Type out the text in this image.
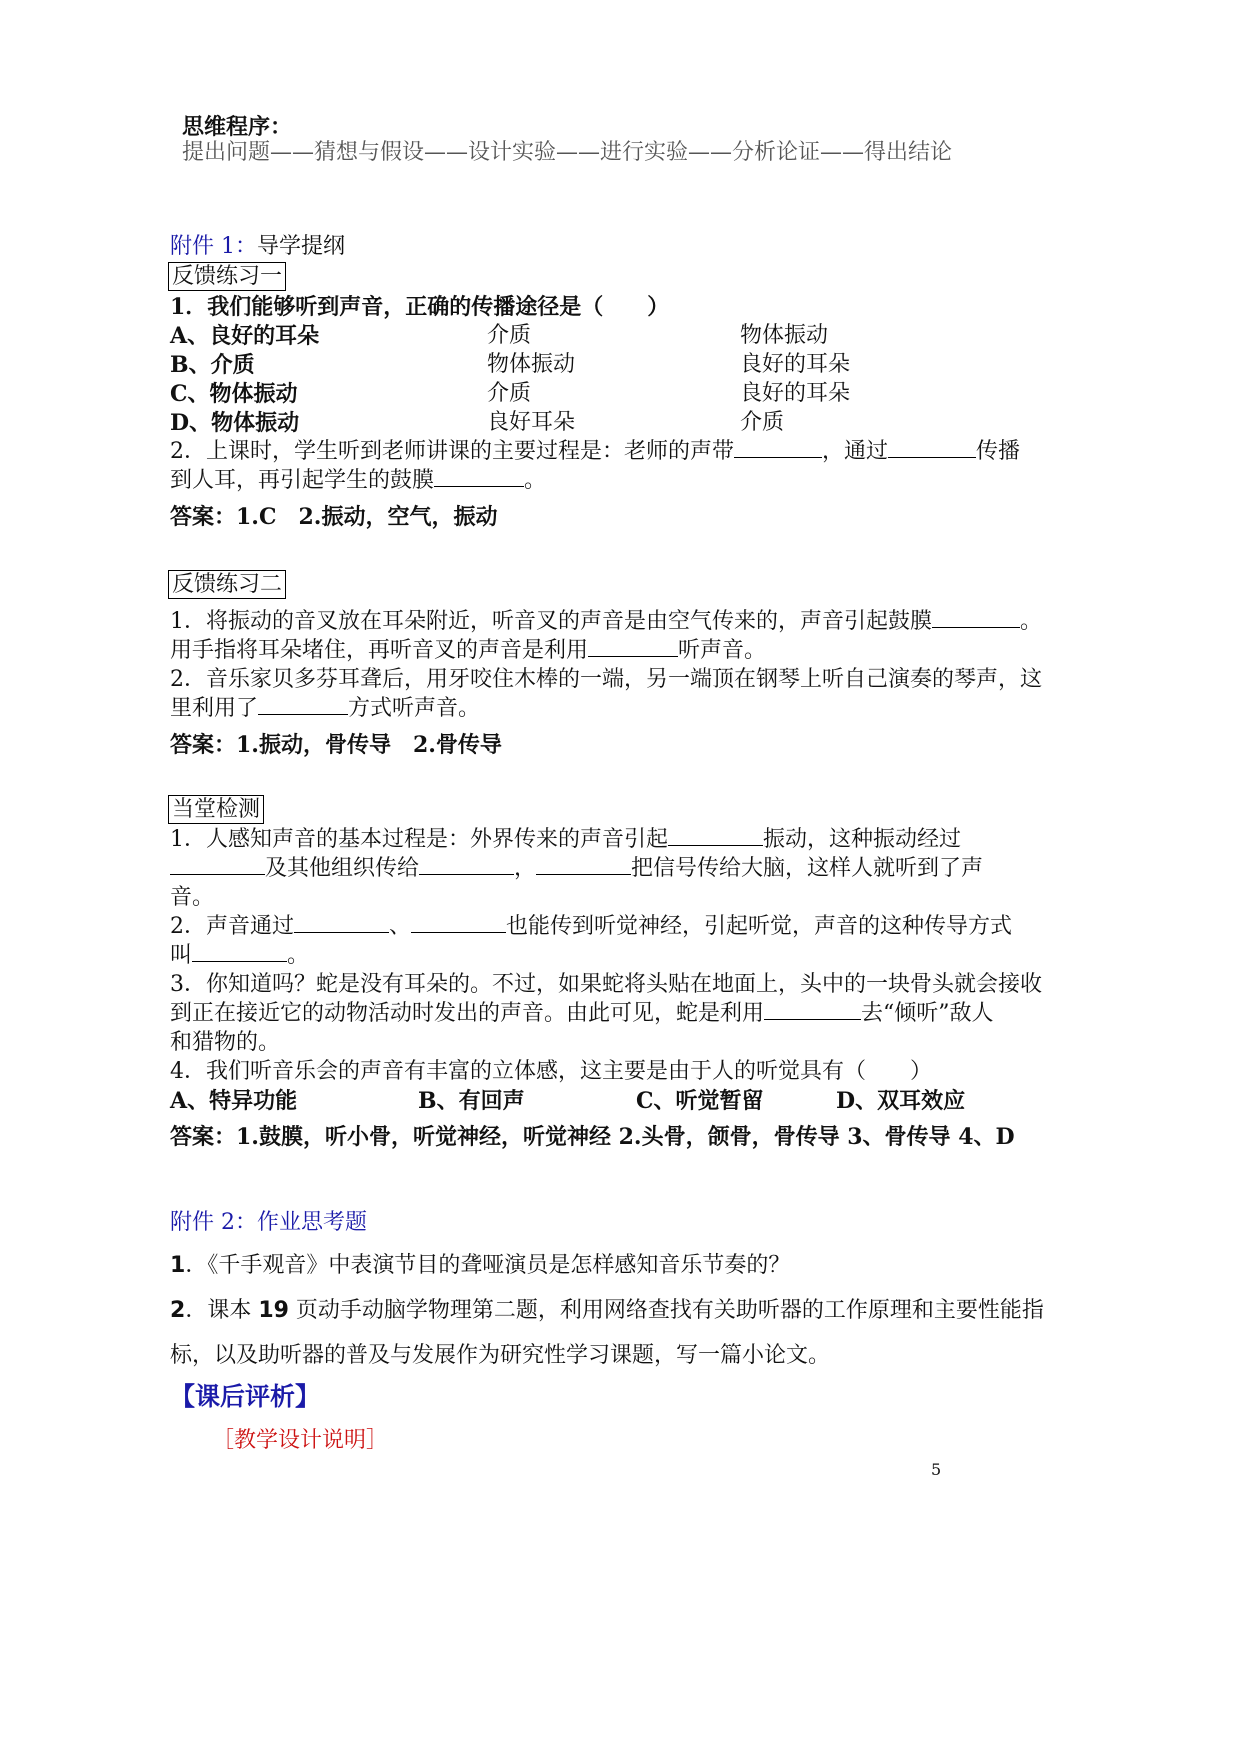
思维程序：
提出问题——猜想与假设——设计实验——进行实验——分析论证——得出结论
附件 1：导学提纲
反馈练习一
1．我们能够听到声音，正确的传播途径是（　　）
A、良好的耳朵	介质	物体振动
B、介质	物体振动	良好的耳朵
C、物体振动	介质	良好的耳朵
D、物体振动	良好耳朵	介质
2．上课时，学生听到老师讲课的主要过程是：老师的声带	，通过	传播
到人耳，再引起学生的鼓膜	。
答案：1.C　2.振动，空气，振动
反馈练习二
1．将振动的音叉放在耳朵附近，听音叉的声音是由空气传来的，声音引起鼓膜	。
用手指将耳朵堵住，再听音叉的声音是利用	听声音。
2．音乐家贝多芬耳聋后，用牙咬住木棒的一端，另一端顶在钢琴上听自己演奏的琴声，这
里利用了	方式听声音。
答案：1.振动，骨传导　2.骨传导
当堂检测
1．人感知声音的基本过程是：外界传来的声音引起	振动，这种振动经过
及其他组织传给	，	把信号传给大脑，这样人就听到了声
音。
2．声音通过	、	也能传到听觉神经，引起听觉，声音的这种传导方式
叫	。
3．你知道吗？蛇是没有耳朵的。不过，如果蛇将头贴在地面上，头中的一块骨头就会接收
到正在接近它的动物活动时发出的声音。由此可见，蛇是利用	去“倾听”敌人
和猎物的。
4．我们听音乐会的声音有丰富的立体感，这主要是由于人的听觉具有（　　）
A、特异功能	B、有回声	C、听觉暂留	D、双耳效应
答案：1.鼓膜，听小骨，听觉神经，听觉神经 2.头骨，颌骨，骨传导 3、骨传导 4、D
附件 2：作业思考题
1．《千手观音》中表演节目的聋哑演员是怎样感知音乐节奏的？
2．课本 19 页动手动脑学物理第二题，利用网络查找有关助听器的工作原理和主要性能指
标，以及助听器的普及与发展作为研究性学习课题，写一篇小论文。
【课后评析】
［教学设计说明］
5
